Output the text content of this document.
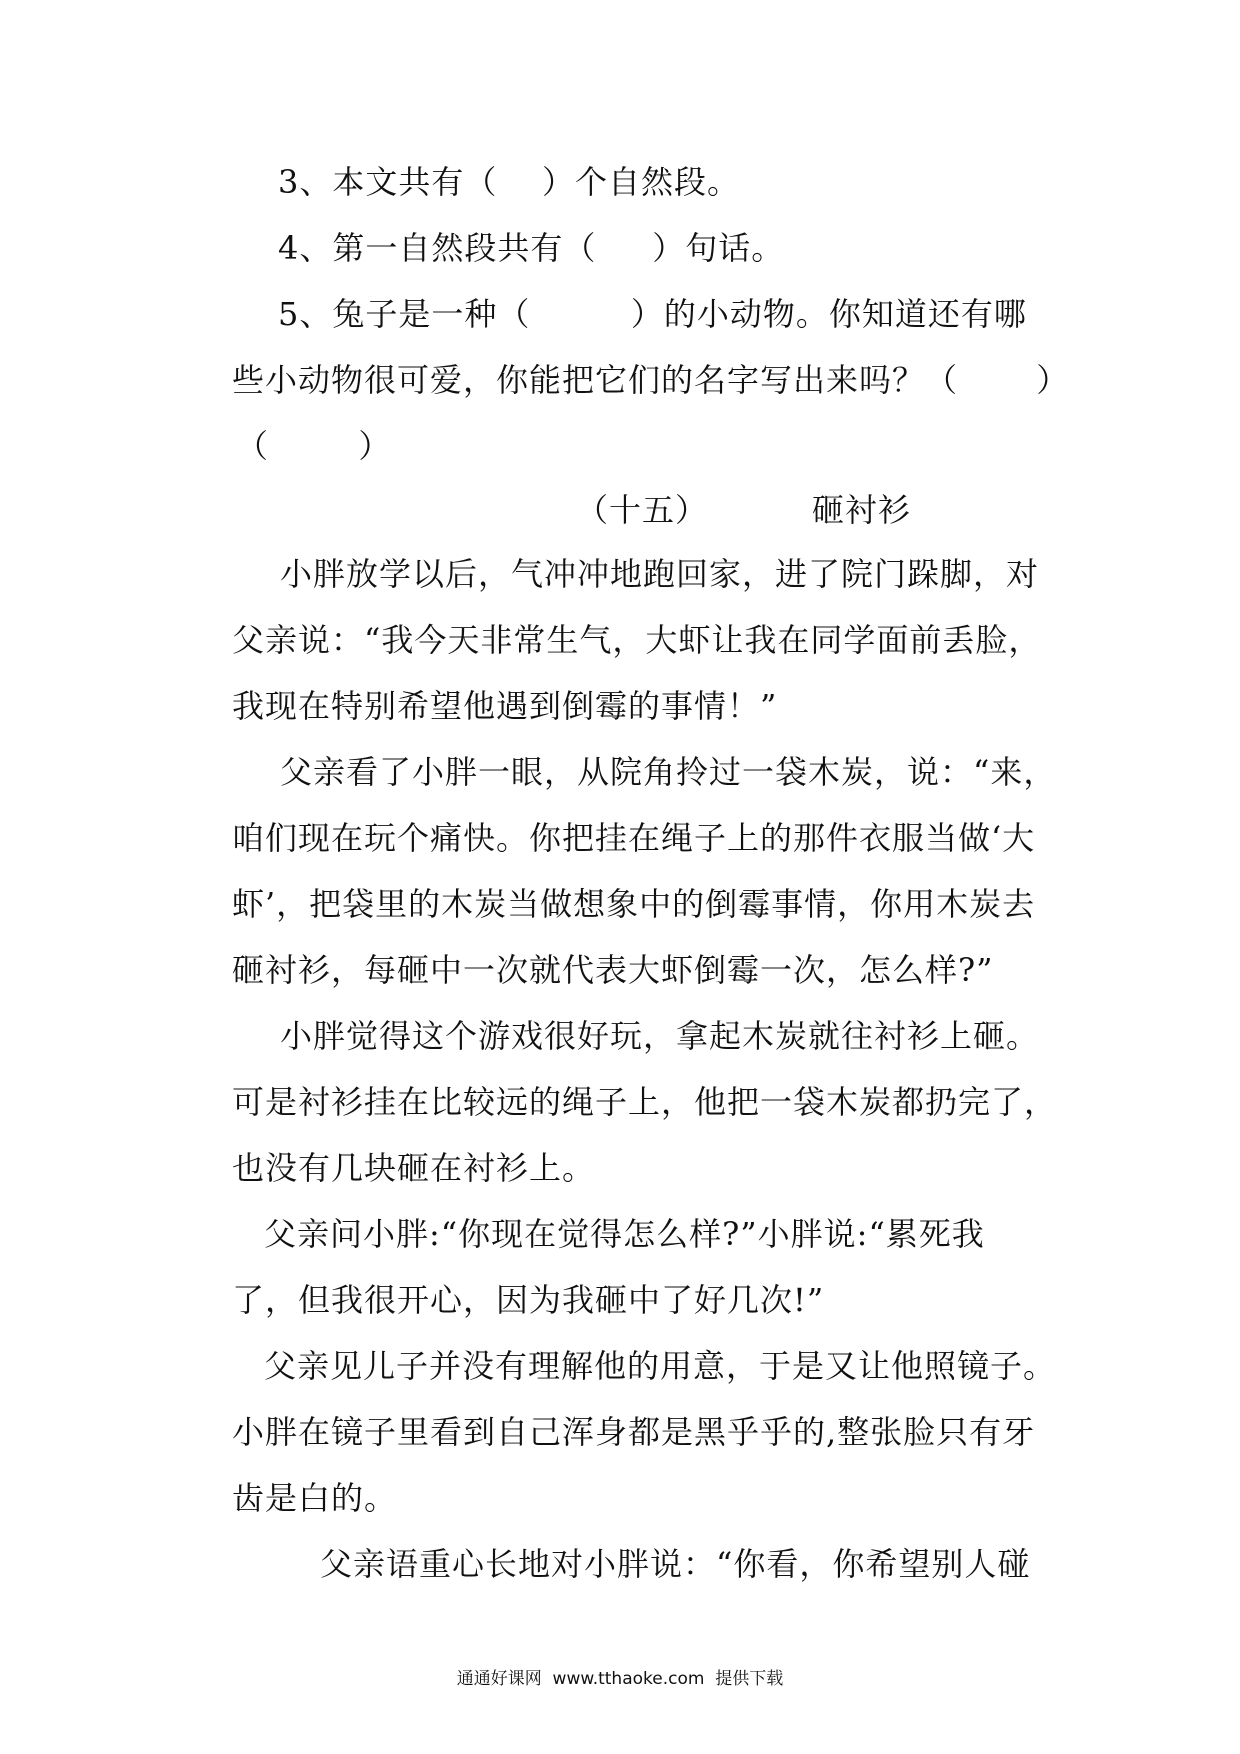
3、本文共有（    ）个自然段。
4、第一自然段共有（     ）句话。
5、兔子是一种（         ）的小动物。你知道还有哪
些小动物很可爱，你能把它们的名字写出来吗？（       ）
（        ）
（十五）	砸衬衫
小胖放学以后，气冲冲地跑回家，进了院门跺脚，对
父亲说：“我今天非常生气，大虾让我在同学面前丢脸，
我现在特别希望他遇到倒霉的事情！”
父亲看了小胖一眼，从院角拎过一袋木炭，说：“来，
咱们现在玩个痛快。你把挂在绳子上的那件衣服当做‘大
虾’，把袋里的木炭当做想象中的倒霉事情，你用木炭去
砸衬衫，每砸中一次就代表大虾倒霉一次，怎么样?”
小胖觉得这个游戏很好玩，拿起木炭就往衬衫上砸。
可是衬衫挂在比较远的绳子上，他把一袋木炭都扔完了，
也没有几块砸在衬衫上。
父亲问小胖:“你现在觉得怎么样?”小胖说:“累死我
了，但我很开心，因为我砸中了好几次!”
父亲见儿子并没有理解他的用意，于是又让他照镜子。
小胖在镜子里看到自己浑身都是黑乎乎的,整张脸只有牙
齿是白的。
父亲语重心长地对小胖说：“你看，你希望别人碰
通通好课网  www.tthaoke.com  提供下载
